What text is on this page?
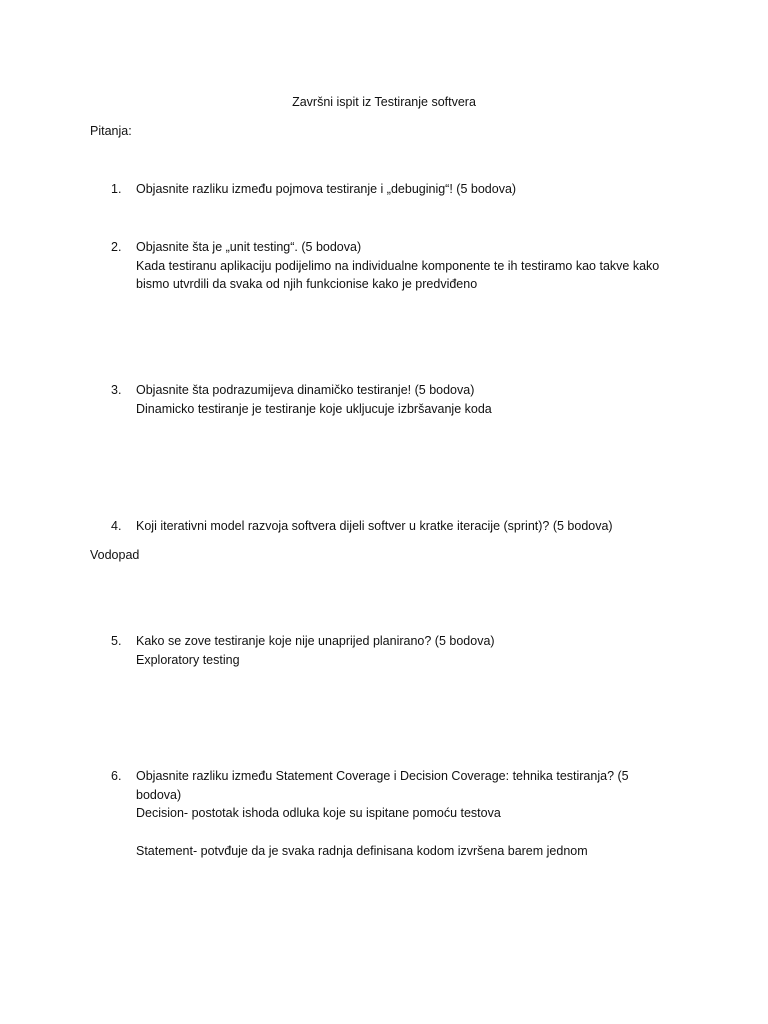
Završni ispit iz Testiranje softvera
Pitanja:
1.	Objasnite razliku između pojmova testiranje i „debuginig“! (5 bodova)
2.	Objasnite šta je „unit testing“. (5 bodova)
Kada testiranu aplikaciju podijelimo na individualne komponente te ih testiramo kao takve kako
bismo utvrdili da svaka od njih funkcionise kako je predviđeno
3.	Objasnite šta podrazumijeva dinamičko testiranje! (5 bodova)
Dinamicko testiranje je testiranje koje ukljucuje izbršavanje koda
4.	Koji iterativni model razvoja softvera dijeli softver u kratke iteracije (sprint)? (5 bodova)
Vodopad
5.	Kako se zove testiranje koje nije unaprijed planirano? (5 bodova)
Exploratory testing
6.	Objasnite razliku između Statement Coverage i Decision Coverage: tehnika testiranja? (5
bodova)
Decision- postotak ishoda odluka koje su ispitane pomoću testova
Statement- potvđuje da je svaka radnja definisana kodom izvršena barem jednom
